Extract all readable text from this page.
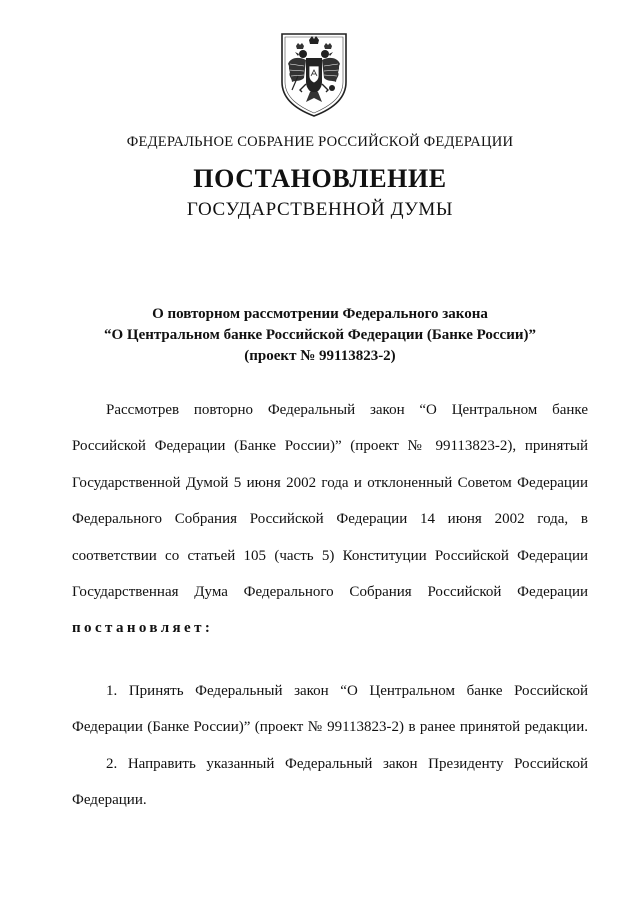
ФЕДЕРАЛЬНОЕ СОБРАНИЕ РОССИЙСКОЙ ФЕДЕРАЦИИ
ПОСТАНОВЛЕНИЕ
ГОСУДАРСТВЕННОЙ ДУМЫ
О повторном рассмотрении Федерального закона
“О Центральном банке Российской Федерации (Банке России)”
(проект № 99113823-2)
Рассмотрев повторно Федеральный закон “О Центральном банке
Российской Федерации (Банке России)” (проект № 99113823-2), принятый
Государственной Думой 5 июня 2002 года и отклоненный Советом Федерации
Федерального Собрания Российской Федерации 14 июня 2002 года, в
соответствии со статьей 105 (часть 5) Конституции Российской Федерации
Государственная Дума Федерального Собрания Российской Федерации
постановляет:
1. Принять Федеральный закон “О Центральном банке Российской
Федерации (Банке России)” (проект № 99113823-2) в ранее принятой редакции.
2. Направить указанный Федеральный закон Президенту Российской
Федерации.
